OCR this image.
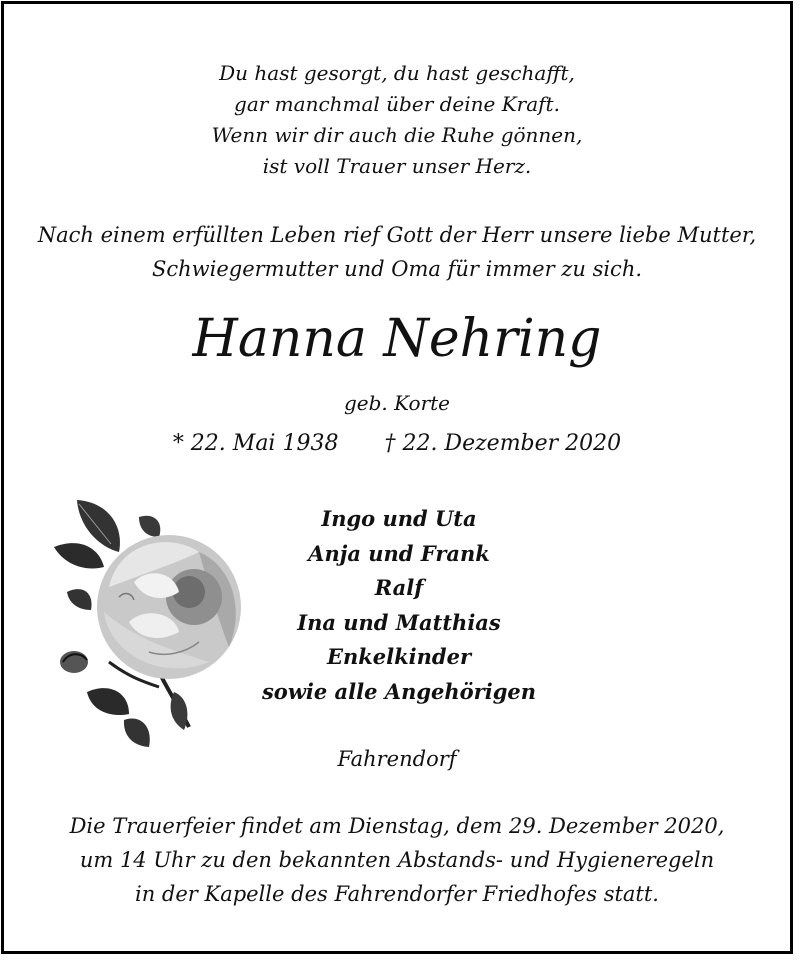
Du hast gesorgt, du hast geschafft,
gar manchmal über deine Kraft.
Wenn wir dir auch die Ruhe gönnen,
ist voll Trauer unser Herz.
Nach einem erfüllten Leben rief Gott der Herr unsere liebe Mutter,
Schwiegermutter und Oma für immer zu sich.
Hanna Nehring
geb. Korte
* 22. Mai 1938 † 22. Dezember 2020
Ingo und Uta
Anja und Frank
Ralf
Ina und Matthias
Enkelkinder
sowie alle Angehörigen
Fahrendorf
Die Trauerfeier findet am Dienstag, dem 29. Dezember 2020,
um 14 Uhr zu den bekannten Abstands- und Hygieneregeln
in der Kapelle des Fahrendorfer Friedhofes statt.
